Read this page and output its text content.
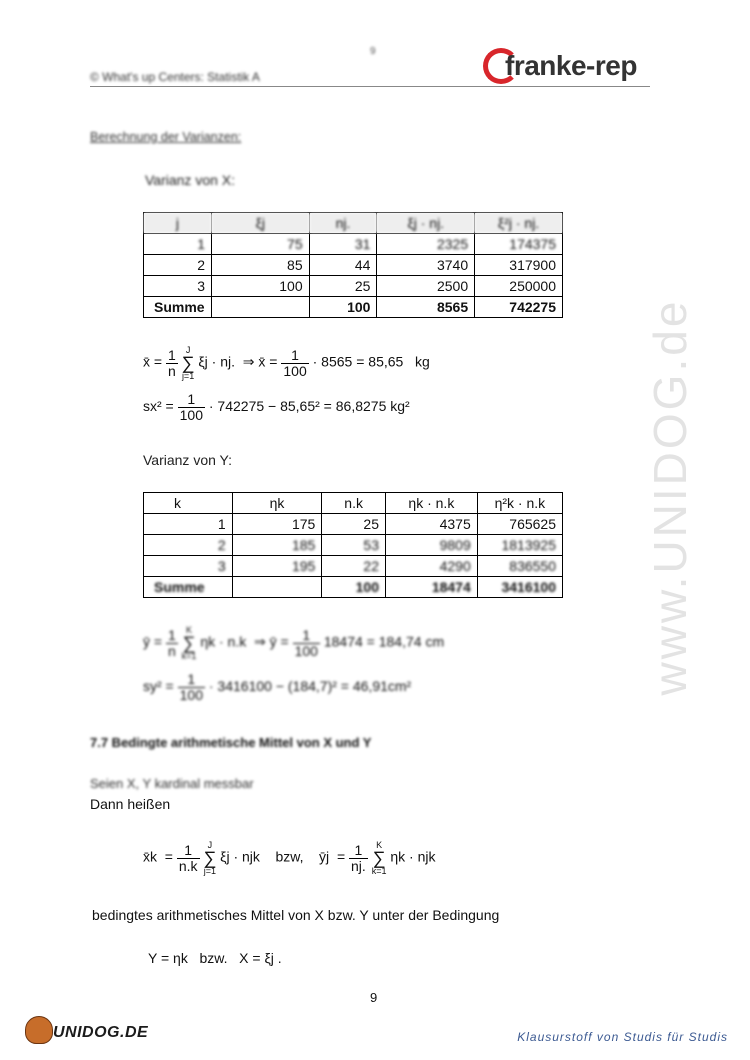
9
© What's up Centers: Statistik A	franke-rep
www.UNIDOG.de
Berechnung der Varianzen:
Varianz von X:
j	ξj	nj.	ξj · nj.	ξ²j · nj.
1	75	31	2325	174375
2	85	44	3740	317900
3	100	25	2500	250000
Summe		100	8565	742275
x̄ = $\frac{1}{n}$ J
∑
j=1 ξj · nj. ⇒ x̄ = $\frac{1}{100} \cdot 8565 = 85,65$ kg
$sx^2 = \frac{1}{100} \cdot 742275 - 85,65^2 = 86,8275$ kg²
Varianz von Y:
k	ηk	n.k	ηk · n.k	η²k · n.k
1	175	25	4375	765625
2	185	53	9809	1813925
3	195	22	4290	836550
Summe		100	18474	3416100
ȳ = $\frac{1}{n}$ K
∑
k=1 ηk · n.k ⇒ ȳ = $\frac{1}{100} 18474 = 184,74$ cm
$sy^2 = \frac{1}{100} \cdot 3416100 - (184,7)^2 = 46,91cm^2$
7.7 Bedingte arithmetische Mittel von X und Y
Seien X, Y kardinal messbar
Dann heißen
x̄k = $\frac{1}{n.k}$ J
∑
j=1 ξj · njk bzw, ȳj = $\frac{1}{nj.}$ K
∑
k=1 ηk · njk
bedingtes arithmetisches Mittel von X bzw. Y unter der Bedingung
Y = ηk   bzw.   X = ξj .
9
UNIDOG.DE	Klausurstoff von Studis für Studis
